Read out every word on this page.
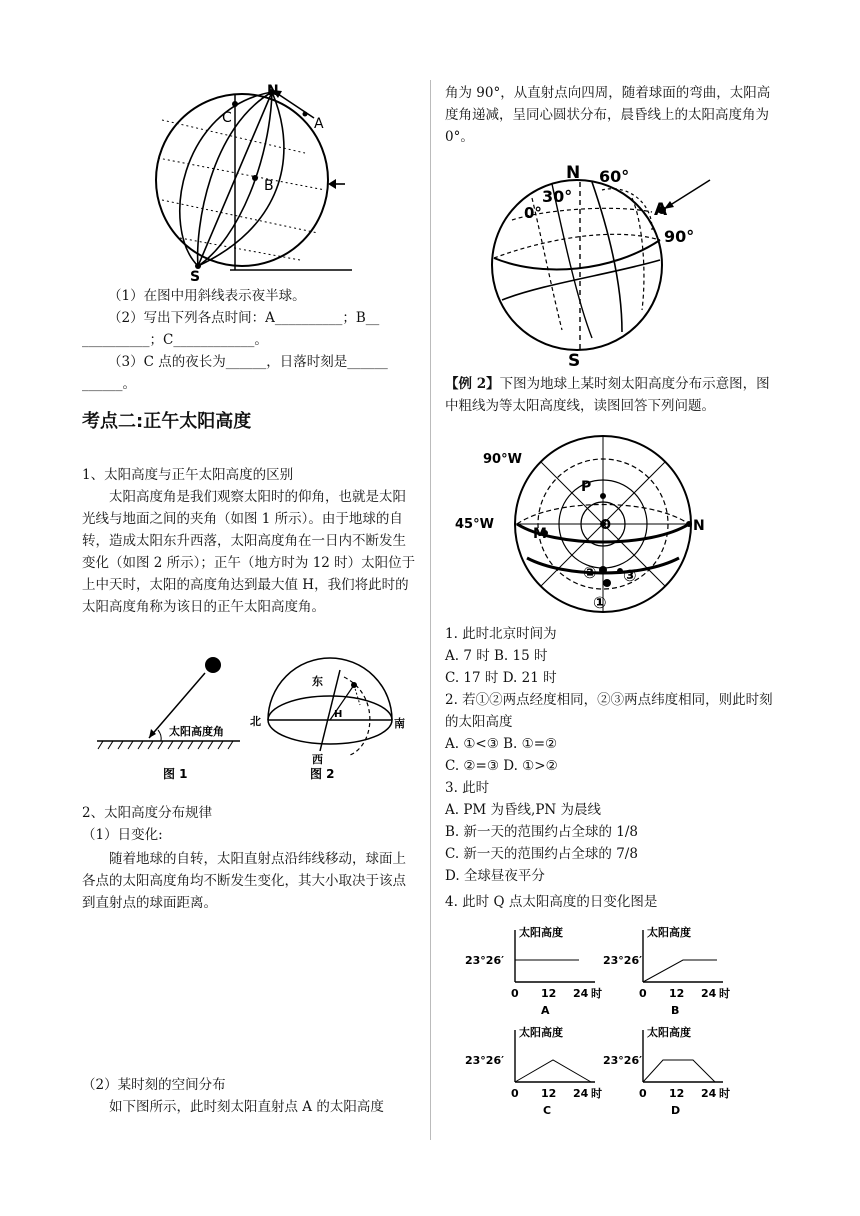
N
C	A
B
S
（1）在图中用斜线表示夜半球。
（2）写出下列各点时间：A__________；B__
__________；C____________。
（3）C 点的夜长为______，日落时刻是______
______。
考点二:正午太阳高度
1、太阳高度与正午太阳高度的区别
太阳高度角是我们观察太阳时的仰角，也就是太阳光线与地面之间的夹角（如图 1 所示）。由于地球的自转，造成太阳东升西落，太阳高度角在一日内不断发生变化（如图 2 所示）；正午（地方时为 12 时）太阳位于上中天时，太阳的高度角达到最大值 H，我们将此时的太阳高度角称为该日的正午太阳高度角。
太阳高度角
图 1
东
北	南
西
H
图 2
2、太阳高度分布规律
（1）日变化:
随着地球的自转，太阳直射点沿纬线移动，球面上各点的太阳高度角均不断发生变化，其大小取决于该点到直射点的球面距离。
（2）某时刻的空间分布
如下图所示，此时刻太阳直射点 A 的太阳高度
角为 90°，从直射点向四周，随着球面的弯曲，太阳高度角递减，呈同心圆状分布，晨昏线上的太阳高度角为 0°。
N
S
A
60°
30°
0°
90°
【例 2】下图为地球上某时刻太阳高度分布示意图，图中粗线为等太阳高度线，读图回答下列问题。
90°W
45°W
P
O
M	N
①
② ③
1. 此时北京时间为
A. 7 时 B. 15 时
C. 17 时 D. 21 时
2. 若①②两点经度相同，②③两点纬度相同，则此时刻的太阳高度
A. ①<③ B. ①=②
C. ②=③ D. ①>②
3. 此时
A. PM 为昏线,PN 为晨线
B. 新一天的范围约占全球的 1/8
C. 新一天的范围约占全球的 7/8
D. 全球昼夜平分
4. 此时 Q 点太阳高度的日变化图是
太阳高度
23°26′
0 12 24 时
A
太阳高度
23°26′
0 12 24 时
B
太阳高度
23°26′
0 12 24 时
C
太阳高度
23°26′
0 12 24 时
D
